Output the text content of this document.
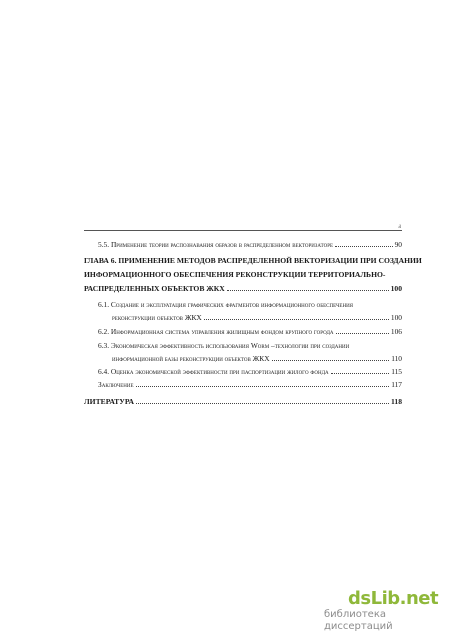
ⅎ
5.5. Применение теории распознавания образов в распределенном векторизаторе	90
ГЛАВА 6. ПРИМЕНЕНИЕ МЕТОДОВ РАСПРЕДЕЛЕННОЙ ВЕКТОРИЗАЦИИ ПРИ СОЗДАНИИ
ИНФОРМАЦИОННОГО ОБЕСПЕЧЕНИЯ РЕКОНСТРУКЦИИ ТЕРРИТОРИАЛЬНО-
РАСПРЕДЕЛЕННЫХ ОБЪЕКТОВ ЖКХ	100
6.1. Создание и эксплуатация графических фрагментов информационного обеспечения
реконструкции объектов ЖКХ	100
6.2. Информационная система управления жилищным фондом крупного города	106
6.3. Экономическая эффективность использования Worm –технологии при создании
информационной базы реконструкции объектов ЖКХ	110
6.4. Оценка экономической эффективности при паспортизации жилого фонда	115
Заключение	117
ЛИТЕРАТУРА	118
dsLib.net
библиотека диссертаций
